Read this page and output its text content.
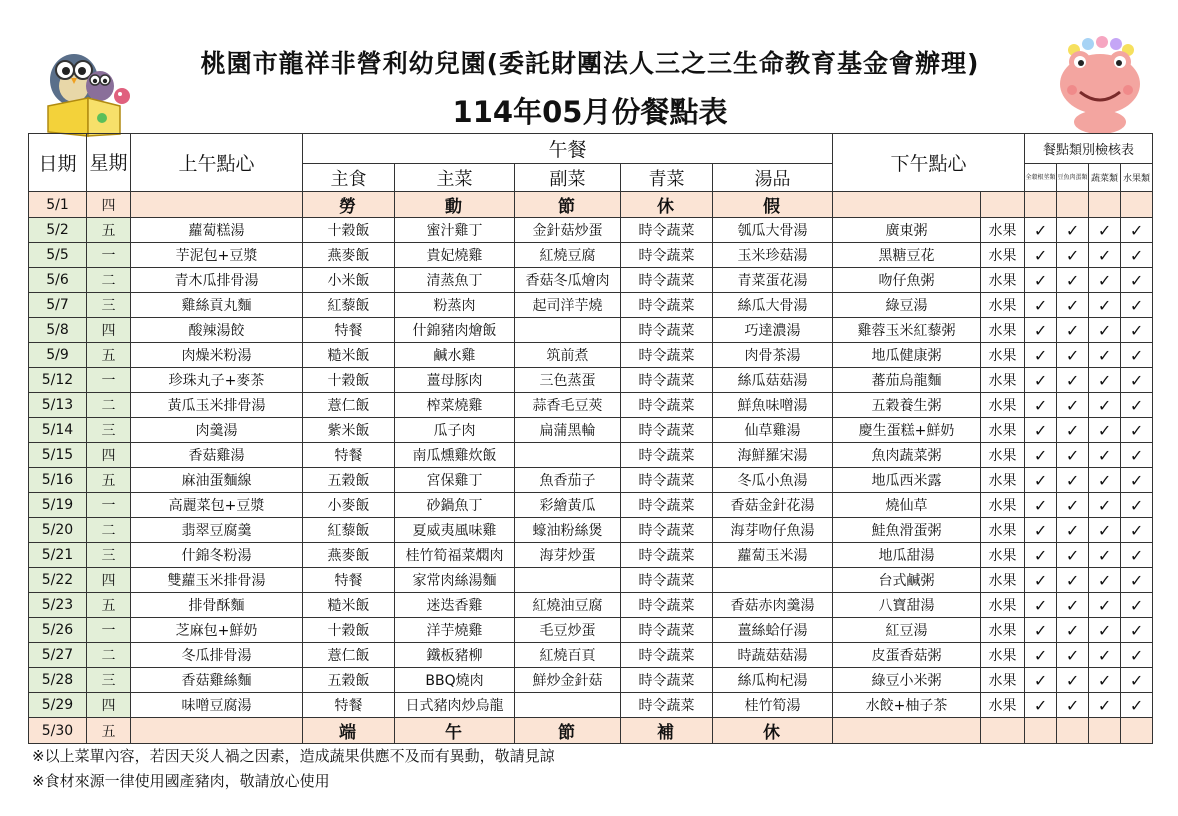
桃園市龍祥非營利幼兒園(委託財團法人三之三生命教育基金會辦理)
114年05月份餐點表
日期	星期	上午點心	午餐					下午點心		餐點類別檢核表			
			主食	主菜	副菜	青菜	湯品			全穀根莖類	豆魚肉蛋類	蔬菜類	水果類
5/1	四		勞	動	節	休	假						
5/2	五	蘿蔔糕湯	十穀飯	蜜汁雞丁	金針菇炒蛋	時令蔬菜	瓠瓜大骨湯	廣東粥	水果	✓	✓	✓	✓
5/5	一	芋泥包+豆漿	燕麥飯	貴妃燒雞	紅燒豆腐	時令蔬菜	玉米珍菇湯	黑糖豆花	水果	✓	✓	✓	✓
5/6	二	青木瓜排骨湯	小米飯	清蒸魚丁	香菇冬瓜燴肉	時令蔬菜	青菜蛋花湯	吻仔魚粥	水果	✓	✓	✓	✓
5/7	三	雞絲貢丸麵	紅藜飯	粉蒸肉	起司洋芋燒	時令蔬菜	絲瓜大骨湯	綠豆湯	水果	✓	✓	✓	✓
5/8	四	酸辣湯餃	特餐	什錦豬肉燴飯		時令蔬菜	巧達濃湯	雞蓉玉米紅藜粥	水果	✓	✓	✓	✓
5/9	五	肉燥米粉湯	糙米飯	鹹水雞	筑前煮	時令蔬菜	肉骨茶湯	地瓜健康粥	水果	✓	✓	✓	✓
5/12	一	珍珠丸子+麥茶	十穀飯	薑母豚肉	三色蒸蛋	時令蔬菜	絲瓜菇菇湯	蕃茄烏龍麵	水果	✓	✓	✓	✓
5/13	二	黃瓜玉米排骨湯	薏仁飯	榨菜燒雞	蒜香毛豆莢	時令蔬菜	鮮魚味噌湯	五穀養生粥	水果	✓	✓	✓	✓
5/14	三	肉羹湯	紫米飯	瓜子肉	扁蒲黑輪	時令蔬菜	仙草雞湯	慶生蛋糕+鮮奶	水果	✓	✓	✓	✓
5/15	四	香菇雞湯	特餐	南瓜燻雞炊飯		時令蔬菜	海鮮羅宋湯	魚肉蔬菜粥	水果	✓	✓	✓	✓
5/16	五	麻油蛋麵線	五穀飯	宮保雞丁	魚香茄子	時令蔬菜	冬瓜小魚湯	地瓜西米露	水果	✓	✓	✓	✓
5/19	一	高麗菜包+豆漿	小麥飯	砂鍋魚丁	彩繪黃瓜	時令蔬菜	香菇金針花湯	燒仙草	水果	✓	✓	✓	✓
5/20	二	翡翠豆腐羹	紅藜飯	夏威夷風味雞	蠔油粉絲煲	時令蔬菜	海芽吻仔魚湯	鮭魚滑蛋粥	水果	✓	✓	✓	✓
5/21	三	什錦冬粉湯	燕麥飯	桂竹筍福菜燜肉	海芽炒蛋	時令蔬菜	蘿蔔玉米湯	地瓜甜湯	水果	✓	✓	✓	✓
5/22	四	雙蘿玉米排骨湯	特餐	家常肉絲湯麵		時令蔬菜		台式鹹粥	水果	✓	✓	✓	✓
5/23	五	排骨酥麵	糙米飯	迷迭香雞	紅燒油豆腐	時令蔬菜	香菇赤肉羹湯	八寶甜湯	水果	✓	✓	✓	✓
5/26	一	芝麻包+鮮奶	十穀飯	洋芋燒雞	毛豆炒蛋	時令蔬菜	薑絲蛤仔湯	紅豆湯	水果	✓	✓	✓	✓
5/27	二	冬瓜排骨湯	薏仁飯	鐵板豬柳	紅燒百頁	時令蔬菜	時蔬菇菇湯	皮蛋香菇粥	水果	✓	✓	✓	✓
5/28	三	香菇雞絲麵	五穀飯	BBQ燒肉	鮮炒金針菇	時令蔬菜	絲瓜枸杞湯	綠豆小米粥	水果	✓	✓	✓	✓
5/29	四	味噌豆腐湯	特餐	日式豬肉炒烏龍		時令蔬菜	桂竹筍湯	水餃+柚子茶	水果	✓	✓	✓	✓
5/30	五		端	午	節	補	休						
※以上菜單內容，若因天災人禍之因素，造成蔬果供應不及而有異動，敬請見諒
※食材來源一律使用國產豬肉，敬請放心使用
